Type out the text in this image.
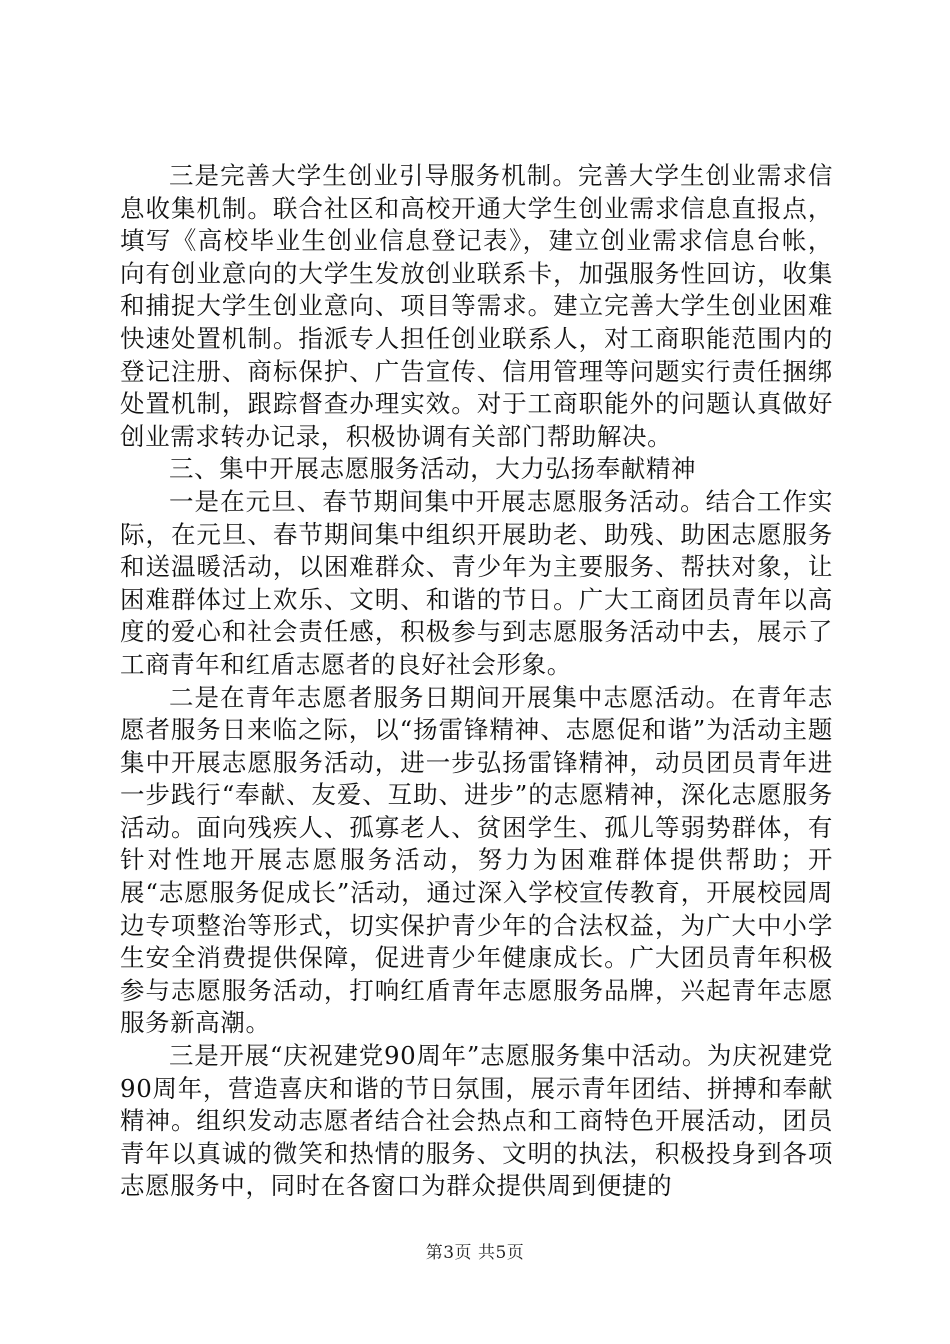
三是完善大学生创业引导服务机制。完善大学生创业需求信息收集机制。联合社区和高校开通大学生创业需求信息直报点，填写《高校毕业生创业信息登记表》，建立创业需求信息台帐，向有创业意向的大学生发放创业联系卡，加强服务性回访，收集和捕捉大学生创业意向、项目等需求。建立完善大学生创业困难快速处置机制。指派专人担任创业联系人，对工商职能范围内的登记注册、商标保护、广告宣传、信用管理等问题实行责任捆绑处置机制，跟踪督查办理实效。对于工商职能外的问题认真做好创业需求转办记录，积极协调有关部门帮助解决。

三、集中开展志愿服务活动，大力弘扬奉献精神

一是在元旦、春节期间集中开展志愿服务活动。结合工作实际，在元旦、春节期间集中组织开展助老、助残、助困志愿服务和送温暖活动，以困难群众、青少年为主要服务、帮扶对象，让困难群体过上欢乐、文明、和谐的节日。广大工商团员青年以高度的爱心和社会责任感，积极参与到志愿服务活动中去，展示了工商青年和红盾志愿者的良好社会形象。

二是在青年志愿者服务日期间开展集中志愿活动。在青年志愿者服务日来临之际，以“扬雷锋精神、志愿促和谐”为活动主题集中开展志愿服务活动，进一步弘扬雷锋精神，动员团员青年进一步践行“奉献、友爱、互助、进步”的志愿精神，深化志愿服务活动。面向残疾人、孤寡老人、贫困学生、孤儿等弱势群体，有针对性地开展志愿服务活动，努力为困难群体提供帮助；开展“志愿服务促成长”活动，通过深入学校宣传教育，开展校园周边专项整治等形式，切实保护青少年的合法权益，为广大中小学生安全消费提供保障，促进青少年健康成长。广大团员青年积极参与志愿服务活动，打响红盾青年志愿服务品牌，兴起青年志愿服务新高潮。

三是开展“庆祝建党90周年”志愿服务集中活动。为庆祝建党90周年，营造喜庆和谐的节日氛围，展示青年团结、拼搏和奉献精神。组织发动志愿者结合社会热点和工商特色开展活动，团员青年以真诚的微笑和热情的服务、文明的执法，积极投身到各项志愿服务中，同时在各窗口为群众提供周到便捷的

第3页 共5页
